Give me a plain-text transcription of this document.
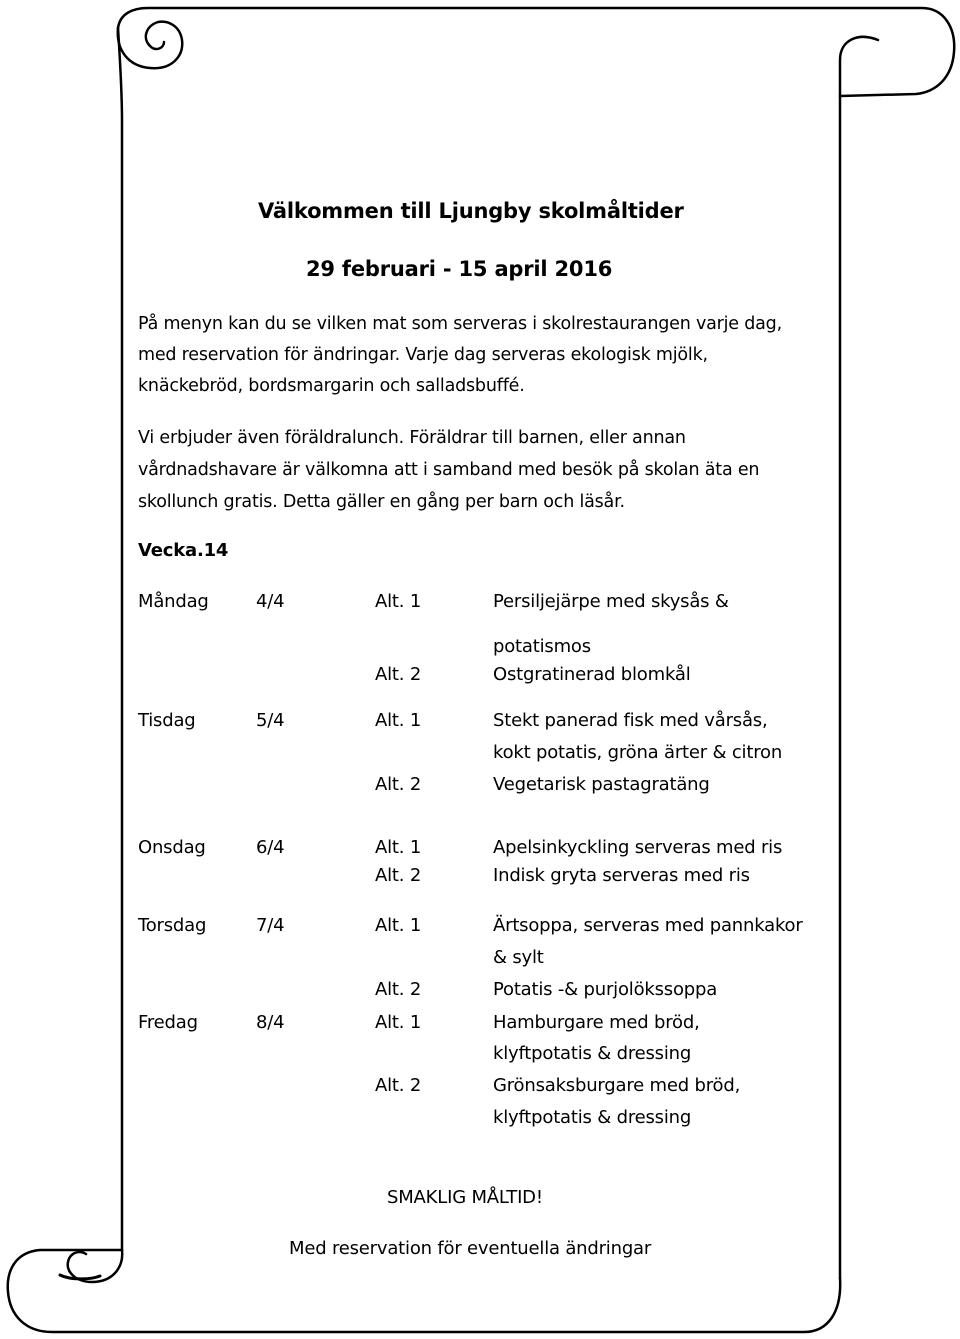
Välkommen till Ljungby skolmåltider
29 februari - 15 april 2016
På menyn kan du se vilken mat som serveras i skolrestaurangen varje dag,
med reservation för ändringar. Varje dag serveras ekologisk mjölk,
knäckebröd, bordsmargarin och salladsbuffé.
Vi erbjuder även föräldralunch. Föräldrar till barnen, eller annan
vårdnadshavare är välkomna att i samband med besök på skolan äta en
skollunch gratis. Detta gäller en gång per barn och läsår.
Vecka.14
Måndag	4/4	Alt. 1	Persiljejärpe med skysås &
potatismos
Alt. 2	Ostgratinerad blomkål
Tisdag	5/4	Alt. 1	Stekt panerad fisk med vårsås,
kokt potatis, gröna ärter & citron
Alt. 2	Vegetarisk pastagratäng
Onsdag	6/4	Alt. 1	Apelsinkyckling serveras med ris
Alt. 2	Indisk gryta serveras med ris
Torsdag	7/4	Alt. 1	Ärtsoppa, serveras med pannkakor
& sylt
Alt. 2	Potatis -& purjolökssoppa
Fredag	8/4	Alt. 1	Hamburgare med bröd,
klyftpotatis & dressing
Alt. 2	Grönsaksburgare med bröd,
klyftpotatis & dressing
SMAKLIG MÅLTID!
Med reservation för eventuella ändringar
